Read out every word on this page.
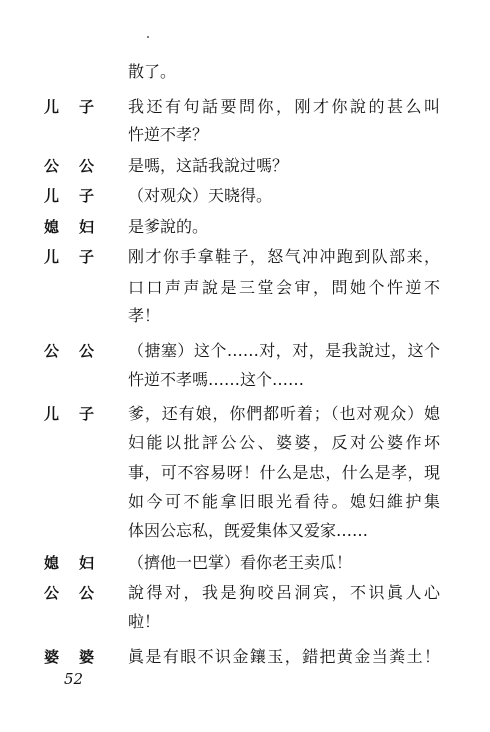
散了。
儿子 我还有句話要問你，刚才你說的甚么叫
忤逆不孝？
公公 是嗎，这話我說过嗎？
儿子 （对观众）天晓得。
媳妇 是爹說的。
儿子 刚才你手拿鞋子，怒气冲冲跑到队部来，
口口声声說是三堂会审，問她个忤逆不
孝！
公公 （搪塞）这个……对，对，是我說过，这个
忤逆不孝嗎……这个……
儿子 爹，还有娘，你們都听着；（也对观众）媳
妇能以批評公公、婆婆，反对公婆作坏
事，可不容易呀！什么是忠，什么是孝，現
如今可不能拿旧眼光看待。媳妇維护集
体因公忘私，旣爱集体又爱家……
媳妇 （擠他一巴掌）看你老王卖瓜！
公公 說得对，我是狗咬呂洞宾，不识眞人心
啦！
婆婆 眞是有眼不识金鑲玉，錯把黄金当粪土！
52
